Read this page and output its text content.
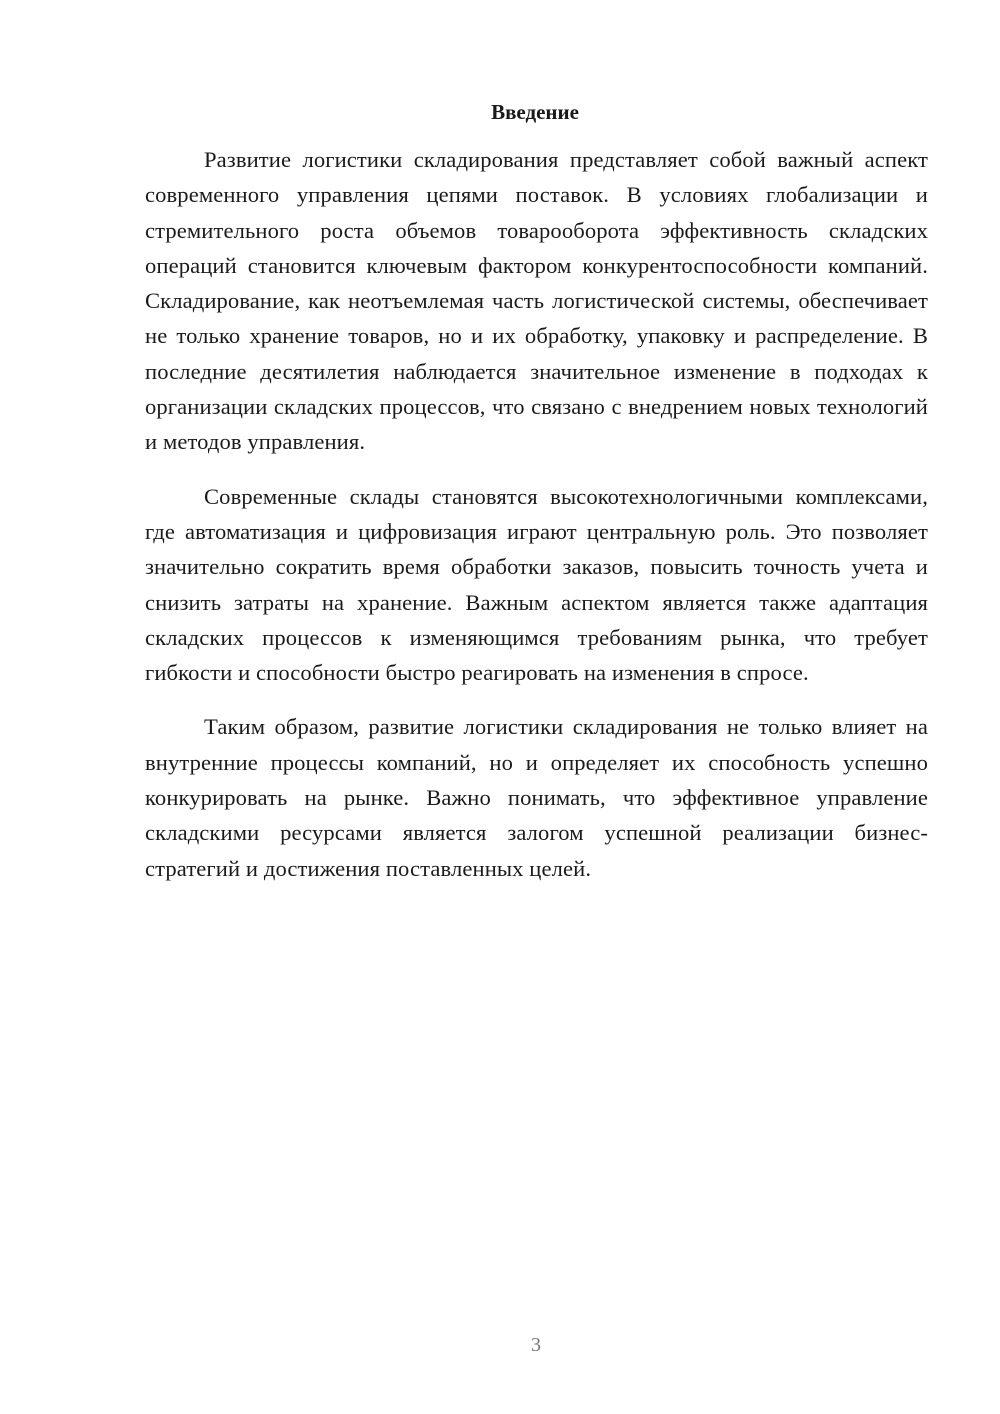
Введение

Развитие логистики складирования представляет собой важный аспект современного управления цепями поставок. В условиях глобализации и стремительного роста объемов товарооборота эффективность складских операций становится ключевым фактором конкурентоспособности компаний. Складирование, как неотъемлемая часть логистической системы, обеспечивает не только хранение товаров, но и их обработку, упаковку и распределение. В последние десятилетия наблюдается значительное изменение в подходах к организации складских процессов, что связано с внедрением новых технологий и методов управления.

Современные склады становятся высокотехнологичными комплексами, где автоматизация и цифровизация играют центральную роль. Это позволяет значительно сократить время обработки заказов, повысить точность учета и снизить затраты на хранение. Важным аспектом является также адаптация складских процессов к изменяющимся требованиям рынка, что требует гибкости и способности быстро реагировать на изменения в спросе.

Таким образом, развитие логистики складирования не только влияет на внутренние процессы компаний, но и определяет их способность успешно конкурировать на рынке. Важно понимать, что эффективное управление складскими ресурсами является залогом успешной реализации бизнес-стратегий и достижения поставленных целей.

3
